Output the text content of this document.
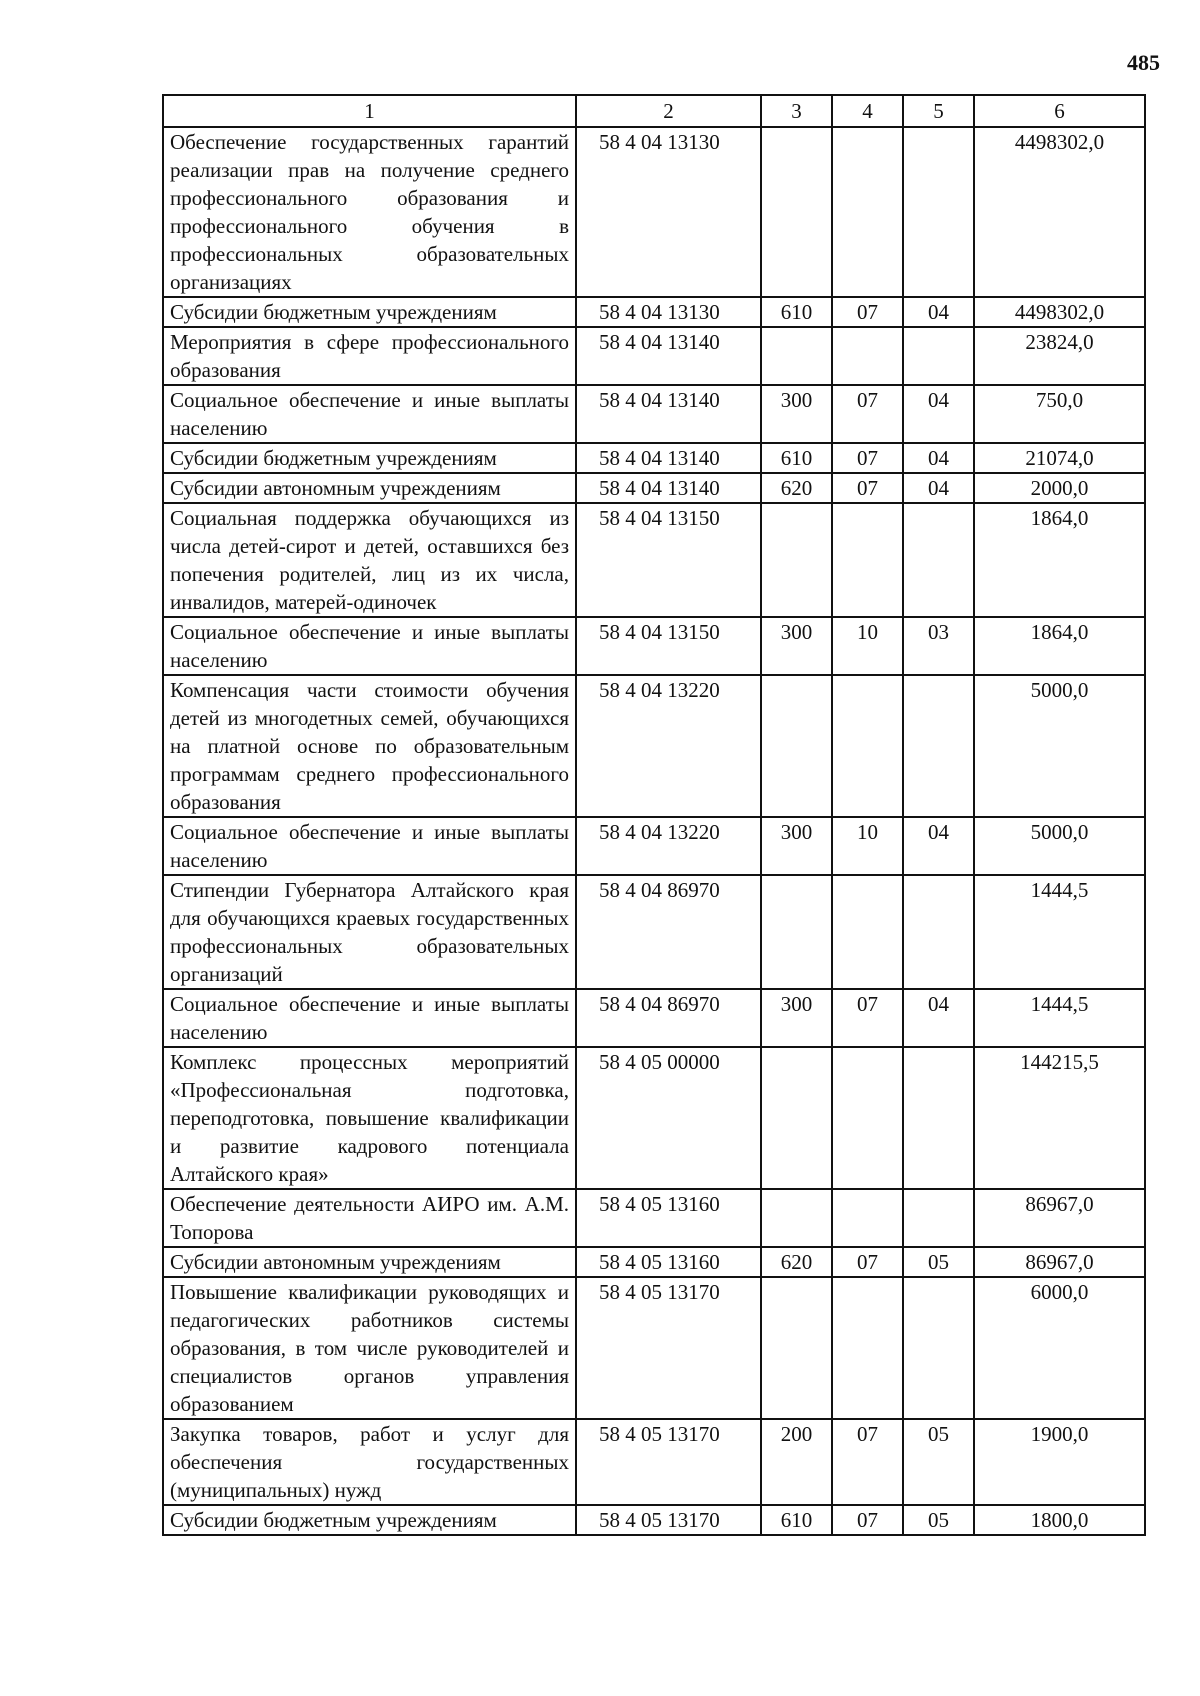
485
1	2	3	4	5	6
Обеспечение государственных гарантий реализации прав на получение среднего профессионального образования и профессионального обучения в профессиональных образовательных организациях	58 4 04 13130				4498302,0
Субсидии бюджетным учреждениям	58 4 04 13130	610	07	04	4498302,0
Мероприятия в сфере профессионального образования	58 4 04 13140				23824,0
Социальное обеспечение и иные выплаты населению	58 4 04 13140	300	07	04	750,0
Субсидии бюджетным учреждениям	58 4 04 13140	610	07	04	21074,0
Субсидии автономным учреждениям	58 4 04 13140	620	07	04	2000,0
Социальная поддержка обучающихся из числа детей-сирот и детей, оставшихся без попечения родителей, лиц из их числа, инвалидов, матерей-одиночек	58 4 04 13150				1864,0
Социальное обеспечение и иные выплаты населению	58 4 04 13150	300	10	03	1864,0
Компенсация части стоимости обучения детей из многодетных семей, обучающихся на платной основе по образовательным программам среднего профессионального образования	58 4 04 13220				5000,0
Социальное обеспечение и иные выплаты населению	58 4 04 13220	300	10	04	5000,0
Стипендии Губернатора Алтайского края для обучающихся краевых государственных профессиональных образовательных организаций	58 4 04 86970				1444,5
Социальное обеспечение и иные выплаты населению	58 4 04 86970	300	07	04	1444,5
Комплекс процессных мероприятий «Профессиональная подготовка, переподготовка, повышение квалификации и развитие кадрового потенциала Алтайского края»	58 4 05 00000				144215,5
Обеспечение деятельности АИРО им. А.М. Топорова	58 4 05 13160				86967,0
Субсидии автономным учреждениям	58 4 05 13160	620	07	05	86967,0
Повышение квалификации руководящих и педагогических работников системы образования, в том числе руководителей и специалистов органов управления образованием	58 4 05 13170				6000,0
Закупка товаров, работ и услуг для обеспечения государственных (муниципальных) нужд	58 4 05 13170	200	07	05	1900,0
Субсидии бюджетным учреждениям	58 4 05 13170	610	07	05	1800,0
